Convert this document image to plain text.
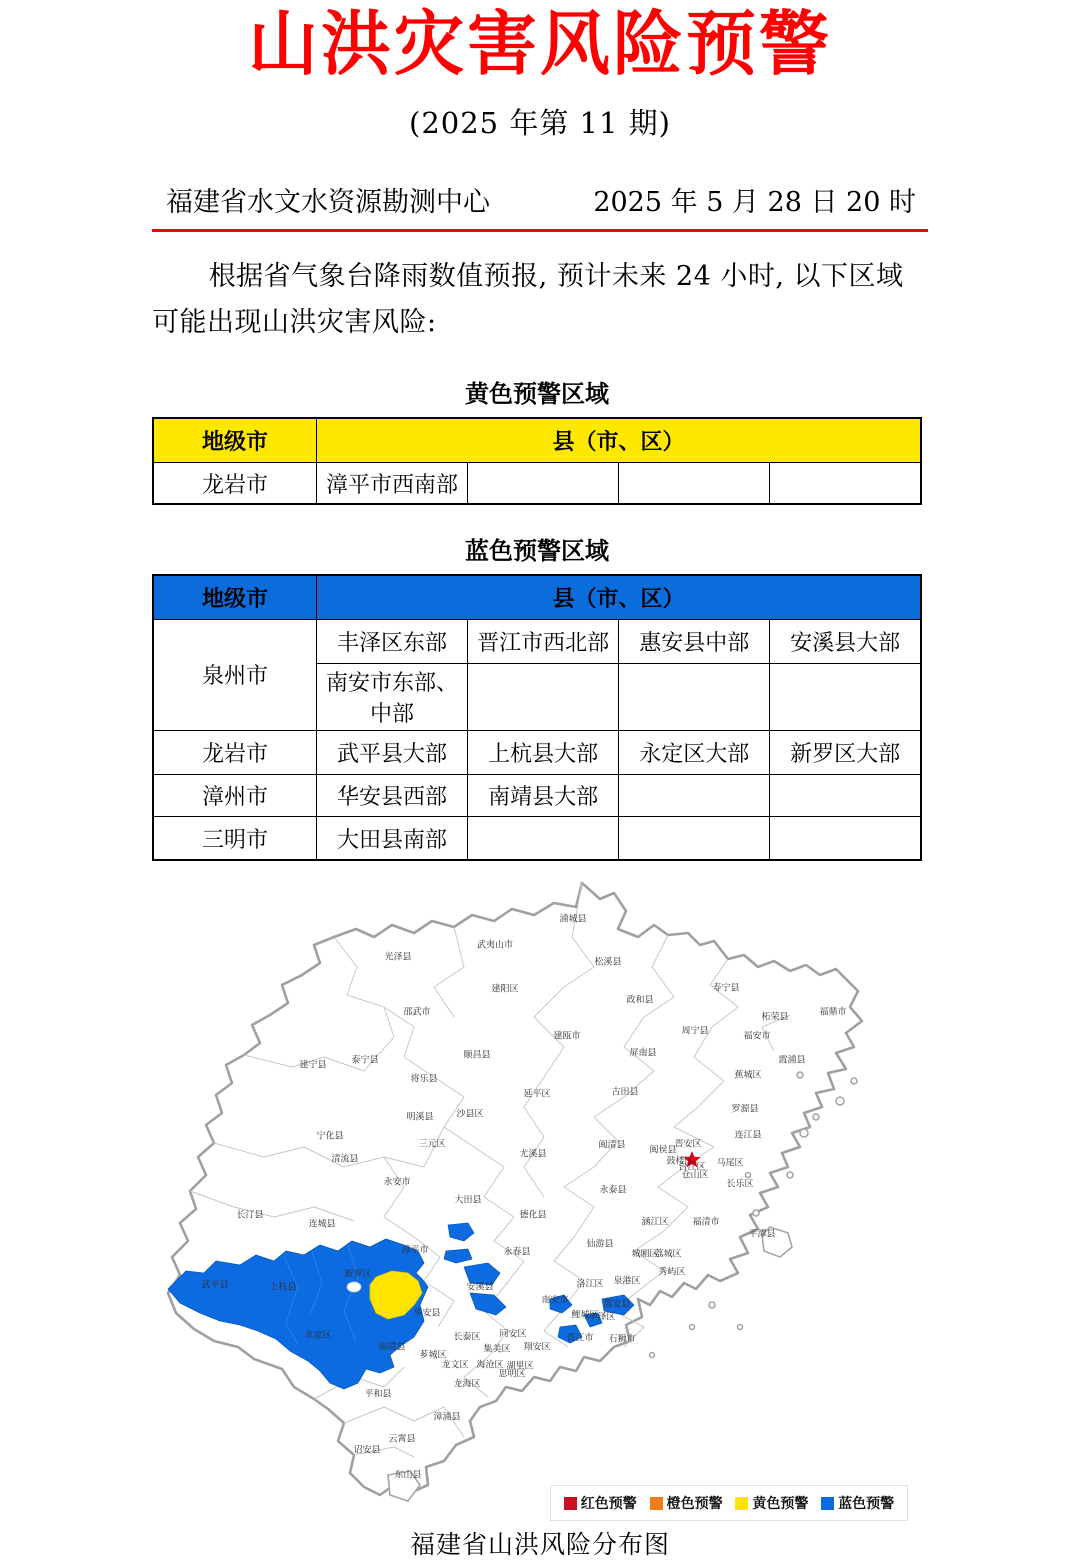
山洪灾害风险预警
(2025 年第 11 期)
福建省水文水资源勘测中心	2025 年 5 月 28 日 20 时
根据省气象台降雨数值预报, 预计未来 24 小时, 以下区域可能出现山洪灾害风险:
黄色预警区域
地级市	县（市、区）			
龙岩市	漳平市西南部			
蓝色预警区域
地级市	县（市、区）			
泉州市	丰泽区东部	晋江市西北部	惠安县中部	安溪县大部
	南安市东部、中部			
龙岩市	武平县大部	上杭县大部	永定区大部	新罗区大部
漳州市	华安县西部	南靖县大部		
三明市	大田县南部			
浦城县
武夷山市
光泽县	松溪县
建阳区
政和县
寿宁县
邵武市	柘荣县	福鼎市
周宁县	福安市
建瓯市
顺昌县	屏南县
霞浦县
建宁县	泰宁县
将乐县	蕉城区
延平区	古田县
罗源县
明溪县	沙县区
宁化县
三元区
连江县
清流县	尤溪县
闽清县	闽侯县
晋安区
鼓楼区
台江区
仓山区
马尾区
长乐区
永安市
永泰县
大田县
德化县
长汀县
连城县	涵江区	福清市
平潭县
仙游县
城厢区
荔城区
秀屿区
漳平市	永春县
新罗区
武平县	上杭县	安溪县	洛江区 泉港区
南安市	惠安县
鲤城区
丰泽区
晋江市 石狮市
华安县
永定区	长泰区 同安区
集美区 翔安区
南靖县
芗城区
龙文区 海沧区 湖里区
思明区
龙海区
平和县
漳浦县
云霄县
诏安县
东山县
红色预警 橙色预警 黄色预警 蓝色预警
福建省山洪风险分布图
